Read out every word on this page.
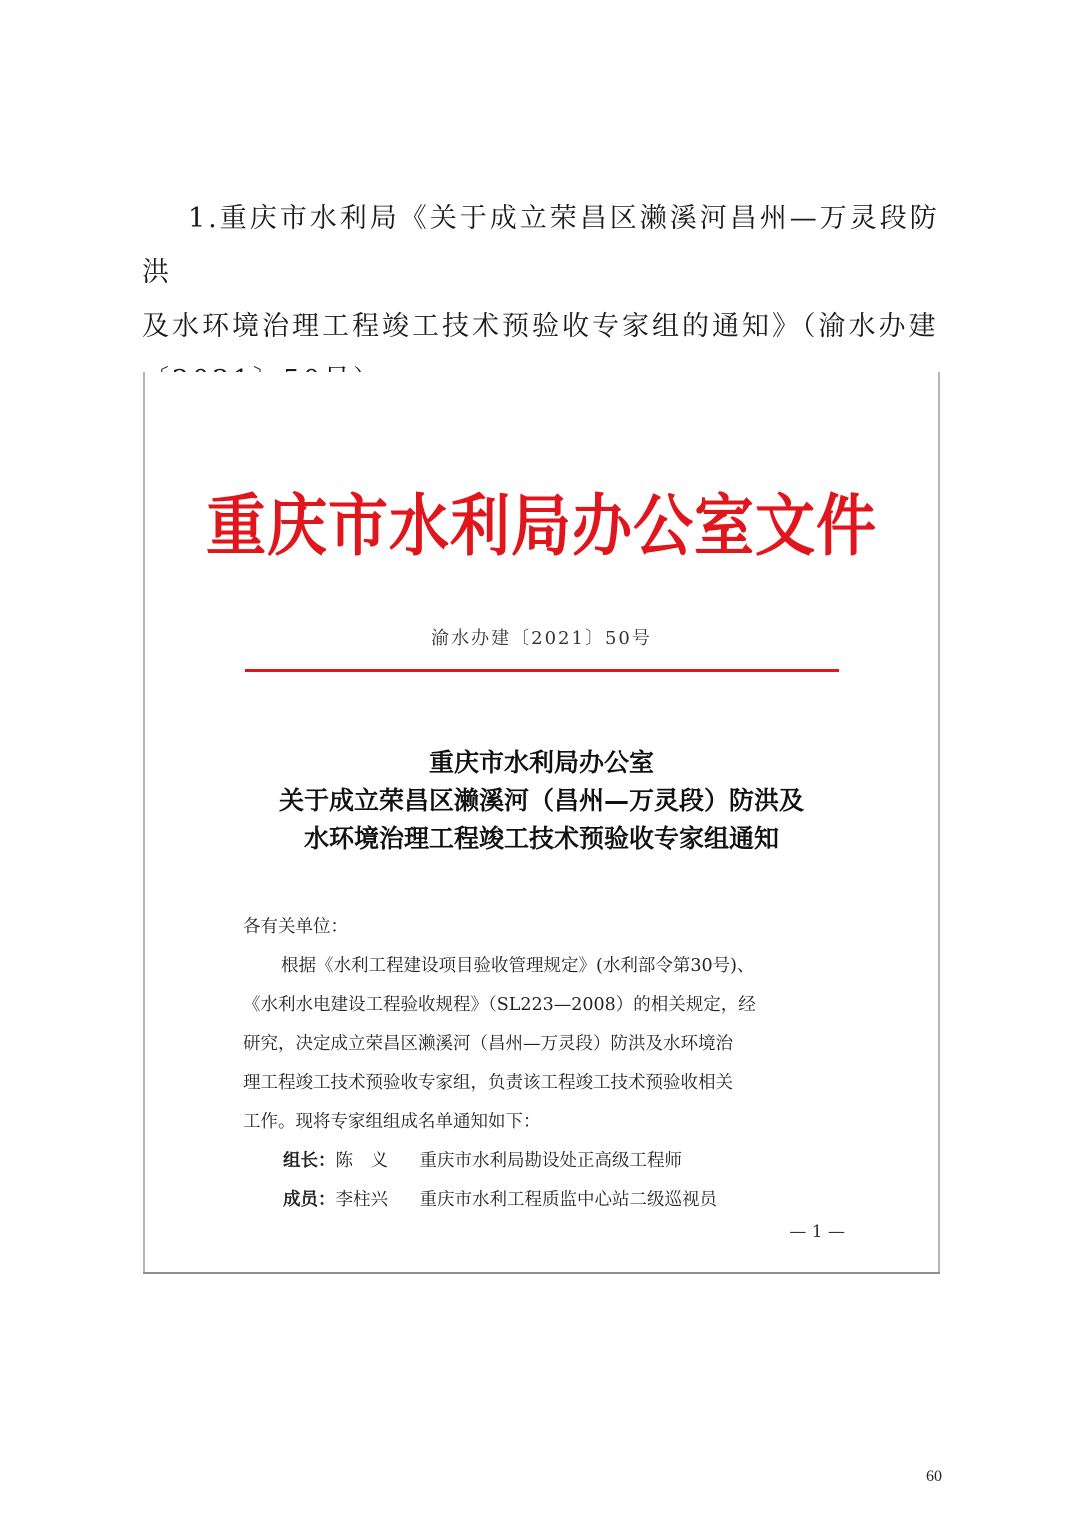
1.重庆市水利局《关于成立荣昌区濑溪河昌州—万灵段防洪

及水环境治理工程竣工技术预验收专家组的通知》（渝水办建
重庆市水利局办公室文件
渝水办建〔2021〕50号
重庆市水利局办公室
关于成立荣昌区濑溪河（昌州—万灵段）防洪及
水环境治理工程竣工技术预验收专家组通知

各有关单位：

根据《水利工程建设项目验收管理规定》(水利部令第30号)、

《水利水电建设工程验收规程》（SL223—2008）的相关规定，经

研究，决定成立荣昌区濑溪河（昌州—万灵段）防洪及水环境治

理工程竣工技术预验收专家组，负责该工程竣工技术预验收相关

工作。现将专家组组成名单通知如下：

组长：陈　义 重庆市水利局勘设处正高级工程师
成员：李柱兴 重庆市水利工程质监中心站二级巡视员
— 1 —
60
